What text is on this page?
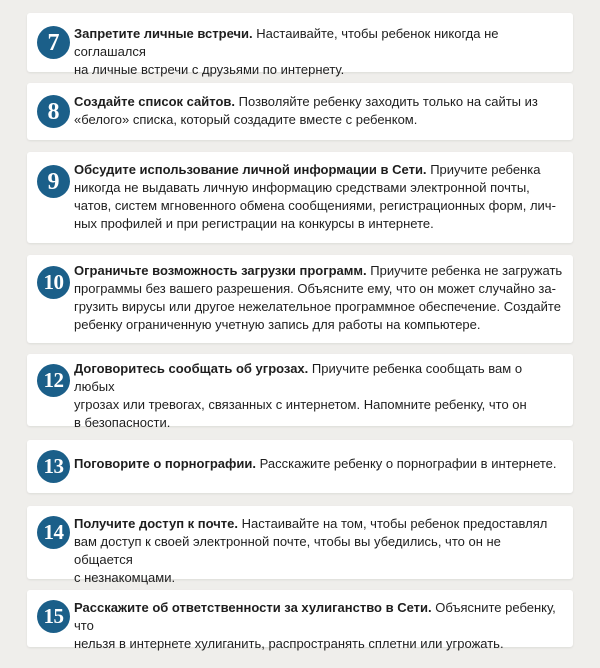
7	Запретите личные встречи. Настаивайте, чтобы ребенок никогда не соглашался
на личные встречи с друзьями по интернету.
8	Создайте список сайтов. Позволяйте ребенку заходить только на сайты из
«белого» списка, который создадите вместе с ребенком.
9	Обсудите использование личной информации в Сети. Приучите ребенка
никогда не выдавать личную информацию средствами электронной почты,
чатов, систем мгновенного обмена сообщениями, регистрационных форм, лич-
ных профилей и при регистрации на конкурсы в интернете.
10 Ограничьте возможность загрузки программ. Приучите ребенка не загружать
программы без вашего разрешения. Объясните ему, что он может случайно за-
грузить вирусы или другое нежелательное программное обеспечение. Создайте
ребенку ограниченную учетную запись для работы на компьютере.
12 Договоритесь сообщать об угрозах. Приучите ребенка сообщать вам о любых
угрозах или тревогах, связанных с интернетом. Напомните ребенку, что он
в безопасности.
13 Поговорите о порнографии. Расскажите ребенку о порнографии в интернете.
14 Получите доступ к почте. Настаивайте на том, чтобы ребенок предоставлял
вам доступ к своей электронной почте, чтобы вы убедились, что он не общается
с незнакомцами.
15 Расскажите об ответственности за хулиганство в Сети. Объясните ребенку, что
нельзя в интернете хулиганить, распространять сплетни или угрожать.
